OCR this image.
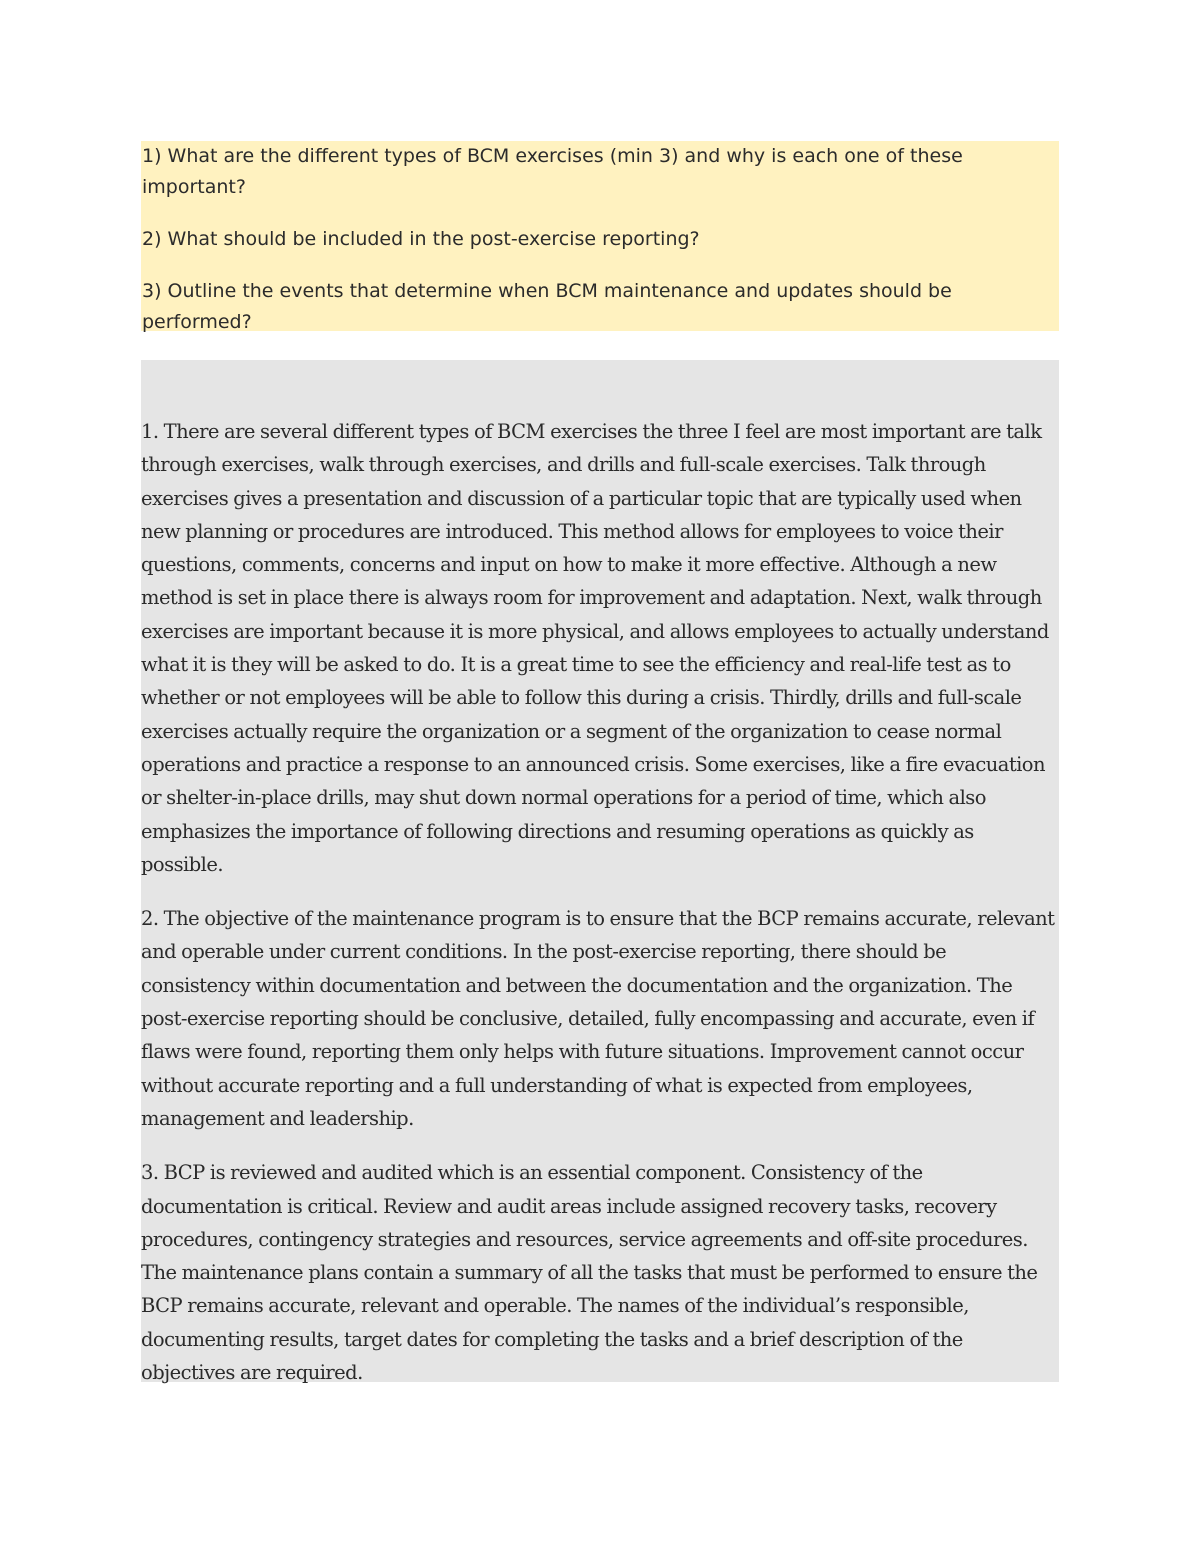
1) What are the different types of BCM exercises (min 3) and why is each one of these important?

2) What should be included in the post-exercise reporting?

3) Outline the events that determine when BCM maintenance and updates should be performed?

1. There are several different types of BCM exercises the three I feel are most important are talk through exercises, walk through exercises, and drills and full-scale exercises. Talk through exercises gives a presentation and discussion of a particular topic that are typically used when new planning or procedures are introduced. This method allows for employees to voice their questions, comments, concerns and input on how to make it more effective. Although a new method is set in place there is always room for improvement and adaptation. Next, walk through exercises are important because it is more physical, and allows employees to actually understand what it is they will be asked to do. It is a great time to see the efficiency and real-life test as to whether or not employees will be able to follow this during a crisis. Thirdly, drills and full-scale exercises actually require the organization or a segment of the organization to cease normal operations and practice a response to an announced crisis. Some exercises, like a fire evacuation or shelter-in-place drills, may shut down normal operations for a period of time, which also emphasizes the importance of following directions and resuming operations as quickly as possible.

2. The objective of the maintenance program is to ensure that the BCP remains accurate, relevant and operable under current conditions. In the post-exercise reporting, there should be consistency within documentation and between the documentation and the organization. The post-exercise reporting should be conclusive, detailed, fully encompassing and accurate, even if flaws were found, reporting them only helps with future situations. Improvement cannot occur without accurate reporting and a full understanding of what is expected from employees, management and leadership.

3. BCP is reviewed and audited which is an essential component. Consistency of the documentation is critical. Review and audit areas include assigned recovery tasks, recovery procedures, contingency strategies and resources, service agreements and off-site procedures. The maintenance plans contain a summary of all the tasks that must be performed to ensure the BCP remains accurate, relevant and operable. The names of the individual’s responsible, documenting results, target dates for completing the tasks and a brief description of the objectives are required.
